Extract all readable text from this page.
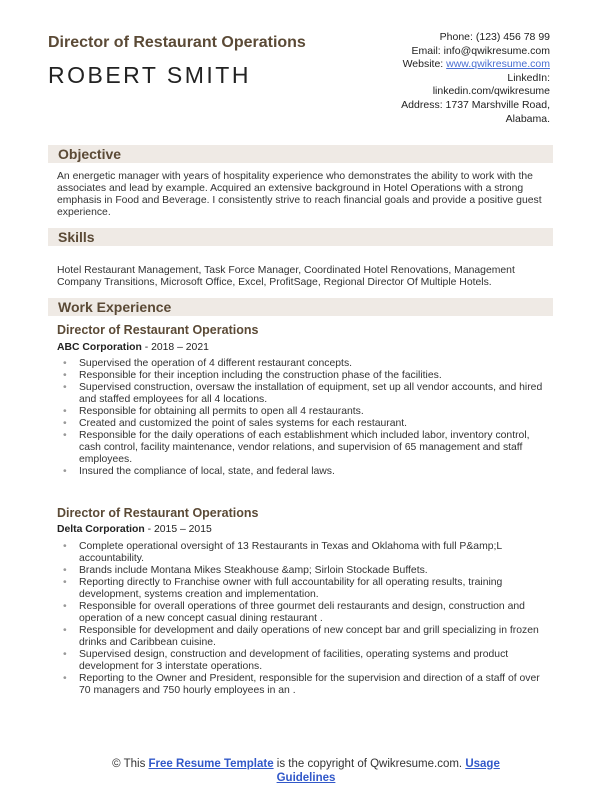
Director of Restaurant Operations
ROBERT SMITH
Phone: (123) 456 78 99
Email: info@qwikresume.com
Website: www.qwikresume.com
LinkedIn:
linkedin.com/qwikresume
Address: 1737 Marshville Road,
Alabama.
Objective
An energetic manager with years of hospitality experience who demonstrates the ability to work with the associates and lead by example. Acquired an extensive background in Hotel Operations with a strong emphasis in Food and Beverage. I consistently strive to reach financial goals and provide a positive guest experience.
Skills
Hotel Restaurant Management, Task Force Manager, Coordinated Hotel Renovations, Management Company Transitions, Microsoft Office, Excel, ProfitSage, Regional Director Of Multiple Hotels.
Work Experience
Director of Restaurant Operations
ABC Corporation - 2018 – 2021
• Supervised the operation of 4 different restaurant concepts.
• Responsible for their inception including the construction phase of the facilities.
• Supervised construction, oversaw the installation of equipment, set up all vendor accounts, and hired and staffed employees for all 4 locations.
• Responsible for obtaining all permits to open all 4 restaurants.
• Created and customized the point of sales systems for each restaurant.
• Responsible for the daily operations of each establishment which included labor, inventory control, cash control, facility maintenance, vendor relations, and supervision of 65 management and staff employees.
• Insured the compliance of local, state, and federal laws.
Director of Restaurant Operations
Delta Corporation - 2015 – 2015
• Complete operational oversight of 13 Restaurants in Texas and Oklahoma with full P&amp;L accountability.
• Brands include Montana Mikes Steakhouse &amp; Sirloin Stockade Buffets.
• Reporting directly to Franchise owner with full accountability for all operating results, training development, systems creation and implementation.
• Responsible for overall operations of three gourmet deli restaurants and design, construction and operation of a new concept casual dining restaurant .
• Responsible for development and daily operations of new concept bar and grill specializing in frozen drinks and Caribbean cuisine.
• Supervised design, construction and development of facilities, operating systems and product development for 3 interstate operations.
• Reporting to the Owner and President, responsible for the supervision and direction of a staff of over 70 managers and 750 hourly employees in an .
© This Free Resume Template is the copyright of Qwikresume.com. Usage
Guidelines
